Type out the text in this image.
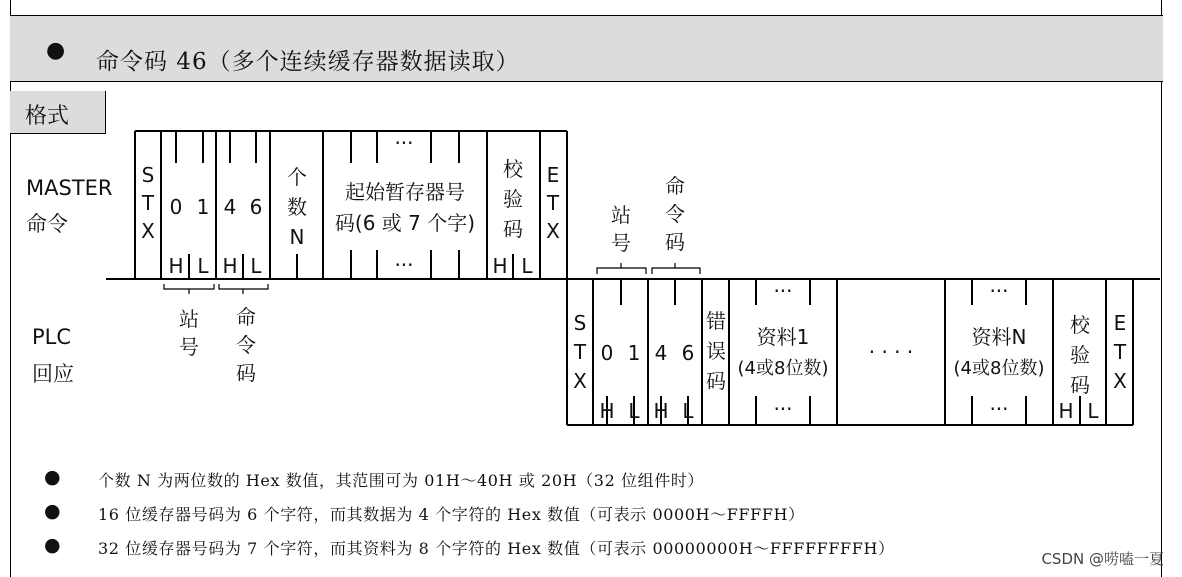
● 命令码 46（多个连续缓存器数据读取）
格式
MASTER
命令
PLC
回应
S
T
X
0 1
H L
4 6
H L
个
数
N
···
起始暂存器号
码(6 或 7 个字)
···
校
验
码
H L
E
T
X
站
号
命
令
码
站
号
命
令
码
S
T
X
0 1
H L
4 6
H L
错
误
码
···
资料1
(4或8位数)
···
· · · ·
···
资料N
(4或8位数)
···
校
验
码
H L
E
T
X
● 个数 N 为两位数的 Hex 数值，其范围可为 01H～40H 或 20H（32 位组件时）
● 16 位缓存器号码为 6 个字符，而其数据为 4 个字符的 Hex 数值（可表示 0000H～FFFFH）
● 32 位缓存器号码为 7 个字符，而其资料为 8 个字符的 Hex 数值（可表示 00000000H～FFFFFFFFH）
CSDN @唠嗑一夏
